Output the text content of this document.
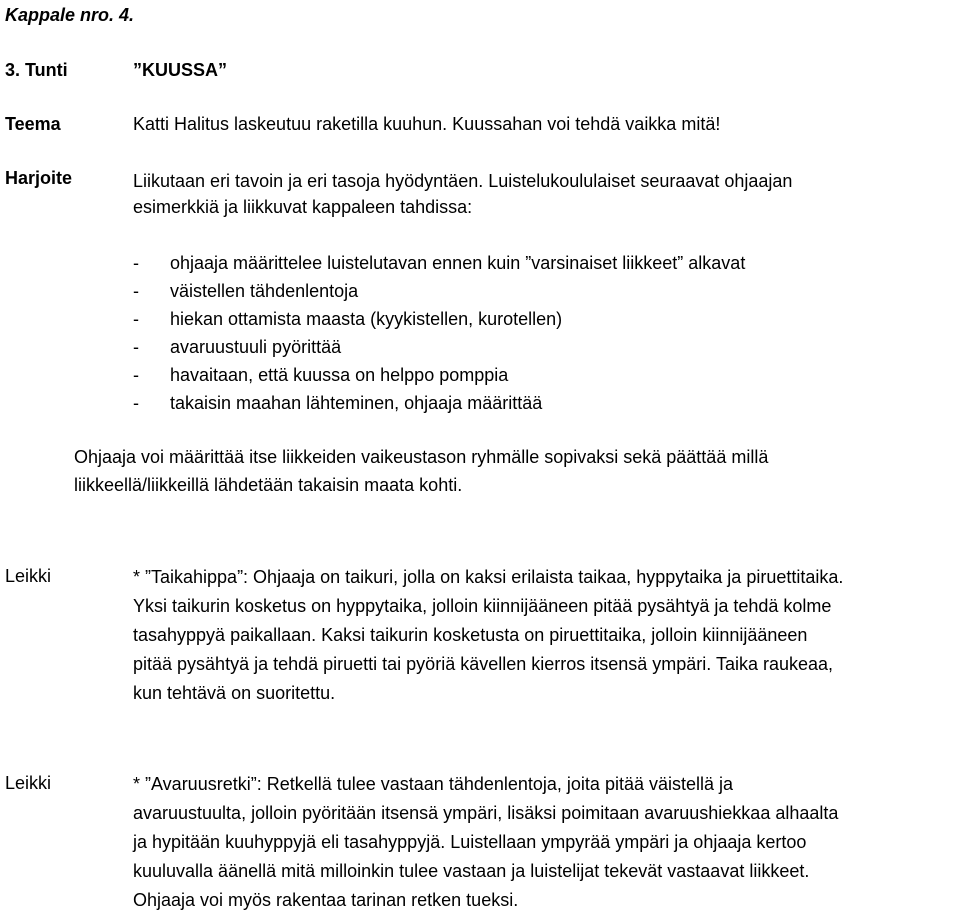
Kappale nro. 4.
3. Tunti	”KUUSSA”
Teema	Katti Halitus laskeutuu raketilla kuuhun. Kuussahan voi tehdä vaikka mitä!
Harjoite	Liikutaan eri tavoin ja eri tasoja hyödyntäen. Luistelukoululaiset seuraavat ohjaajan
esimerkkiä ja liikkuvat kappaleen tahdissa:
- ohjaaja määrittelee luistelutavan ennen kuin ”varsinaiset liikkeet” alkavat
- väistellen tähdenlentoja
- hiekan ottamista maasta (kyykistellen, kurotellen)
- avaruustuuli pyörittää
- havaitaan, että kuussa on helppo pomppia
- takaisin maahan lähteminen, ohjaaja määrittää
Ohjaaja voi määrittää itse liikkeiden vaikeustason ryhmälle sopivaksi sekä päättää millä
liikkeellä/liikkeillä lähdetään takaisin maata kohti.
Leikki	* ”Taikahippa”: Ohjaaja on taikuri, jolla on kaksi erilaista taikaa, hyppytaika ja piruettitaika.
Yksi taikurin kosketus on hyppytaika, jolloin kiinnijääneen pitää pysähtyä ja tehdä kolme
tasahyppyä paikallaan. Kaksi taikurin kosketusta on piruettitaika, jolloin kiinnijääneen
pitää pysähtyä ja tehdä piruetti tai pyöriä kävellen kierros itsensä ympäri. Taika raukeaa,
kun tehtävä on suoritettu.
Leikki	* ”Avaruusretki”: Retkellä tulee vastaan tähdenlentoja, joita pitää väistellä ja
avaruustuulta, jolloin pyöritään itsensä ympäri, lisäksi poimitaan avaruushiekkaa alhaalta
ja hypitään kuuhyppyjä eli tasahyppyjä. Luistellaan ympyrää ympäri ja ohjaaja kertoo
kuuluvalla äänellä mitä milloinkin tulee vastaan ja luistelijat tekevät vastaavat liikkeet.
Ohjaaja voi myös rakentaa tarinan retken tueksi.
